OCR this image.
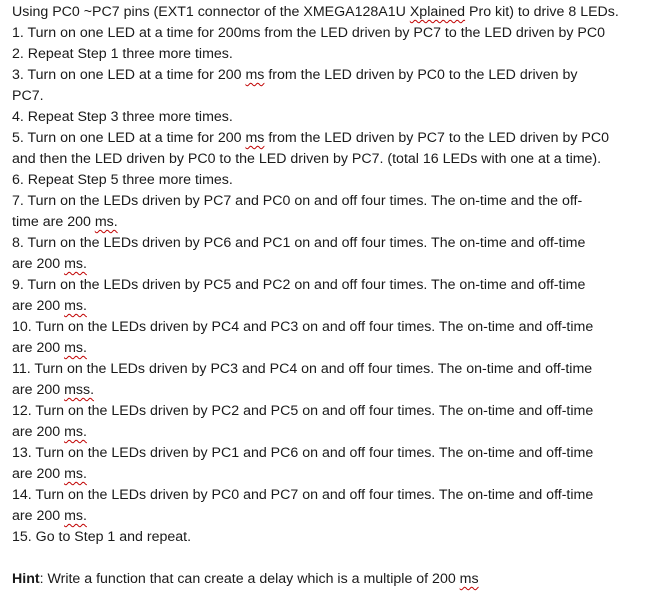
Using PC0 ~PC7 pins (EXT1 connector of the XMEGA128A1U Xplained Pro kit) to drive 8 LEDs.
1. Turn on one LED at a time for 200ms from the LED driven by PC7 to the LED driven by PC0
2. Repeat Step 1 three more times.
3. Turn on one LED at a time for 200 ms from the LED driven by PC0 to the LED driven by
PC7.
4. Repeat Step 3 three more times.
5. Turn on one LED at a time for 200 ms from the LED driven by PC7 to the LED driven by PC0
and then the LED driven by PC0 to the LED driven by PC7. (total 16 LEDs with one at a time).
6. Repeat Step 5 three more times.
7. Turn on the LEDs driven by PC7 and PC0 on and off four times. The on-time and the off-
time are 200 ms.
8. Turn on the LEDs driven by PC6 and PC1 on and off four times. The on-time and off-time
are 200 ms.
9. Turn on the LEDs driven by PC5 and PC2 on and off four times. The on-time and off-time
are 200 ms.
10. Turn on the LEDs driven by PC4 and PC3 on and off four times. The on-time and off-time
are 200 ms.
11. Turn on the LEDs driven by PC3 and PC4 on and off four times. The on-time and off-time
are 200 mss.
12. Turn on the LEDs driven by PC2 and PC5 on and off four times. The on-time and off-time
are 200 ms.
13. Turn on the LEDs driven by PC1 and PC6 on and off four times. The on-time and off-time
are 200 ms.
14. Turn on the LEDs driven by PC0 and PC7 on and off four times. The on-time and off-time
are 200 ms.
15. Go to Step 1 and repeat.
Hint: Write a function that can create a delay which is a multiple of 200 ms
